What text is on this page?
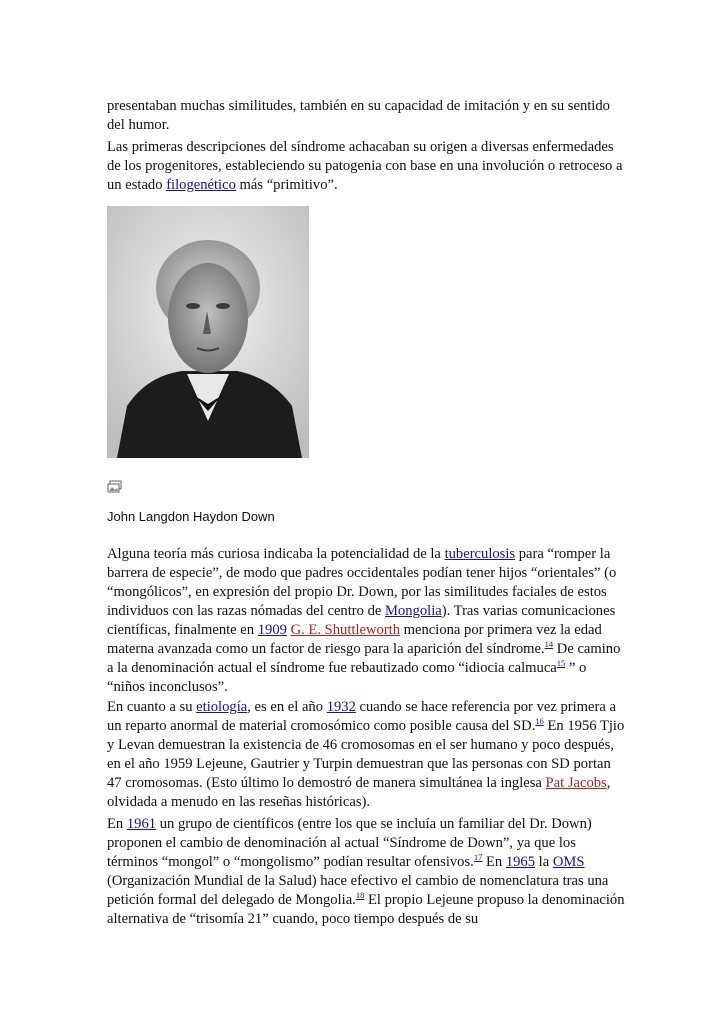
presentaban muchas similitudes, también en su capacidad de imitación y en su sentido del humor.

Las primeras descripciones del síndrome achacaban su origen a diversas enfermedades de los progenitores, estableciendo su patogenia con base en una involución o retroceso a un estado filogenético más “primitivo”.

John Langdon Haydon Down

Alguna teoría más curiosa indicaba la potencialidad de la tuberculosis para “romper la barrera de especie”, de modo que padres occidentales podían tener hijos “orientales” (o “mongólicos”, en expresión del propio Dr. Down, por las similitudes faciales de estos individuos con las razas nómadas del centro de Mongolia). Tras varias comunicaciones científicas, finalmente en 1909 G. E. Shuttleworth menciona por primera vez la edad materna avanzada como un factor de riesgo para la aparición del síndrome.$^{14}$ De camino a la denominación actual el síndrome fue rebautizado como “idiocia calmuca$^{15}$ ” o “niños inconclusos”.

En cuanto a su etiología, es en el año 1932 cuando se hace referencia por vez primera a un reparto anormal de material cromosómico como posible causa del SD.$^{16}$ En 1956 Tjio y Levan demuestran la existencia de 46 cromosomas en el ser humano y poco después, en el año 1959 Lejeune, Gautrier y Turpin demuestran que las personas con SD portan 47 cromosomas. (Esto último lo demostró de manera simultánea la inglesa Pat Jacobs, olvidada a menudo en las reseñas históricas).

En 1961 un grupo de científicos (entre los que se incluía un familiar del Dr. Down) proponen el cambio de denominación al actual “Síndrome de Down”, ya que los términos “mongol” o “mongolismo” podían resultar ofensivos.$^{17}$ En 1965 la OMS (Organización Mundial de la Salud) hace efectivo el cambio de nomenclatura tras una petición formal del delegado de Mongolia.$^{18}$ El propio Lejeune propuso la denominación alternativa de “trisomía 21” cuando, poco tiempo después de su
